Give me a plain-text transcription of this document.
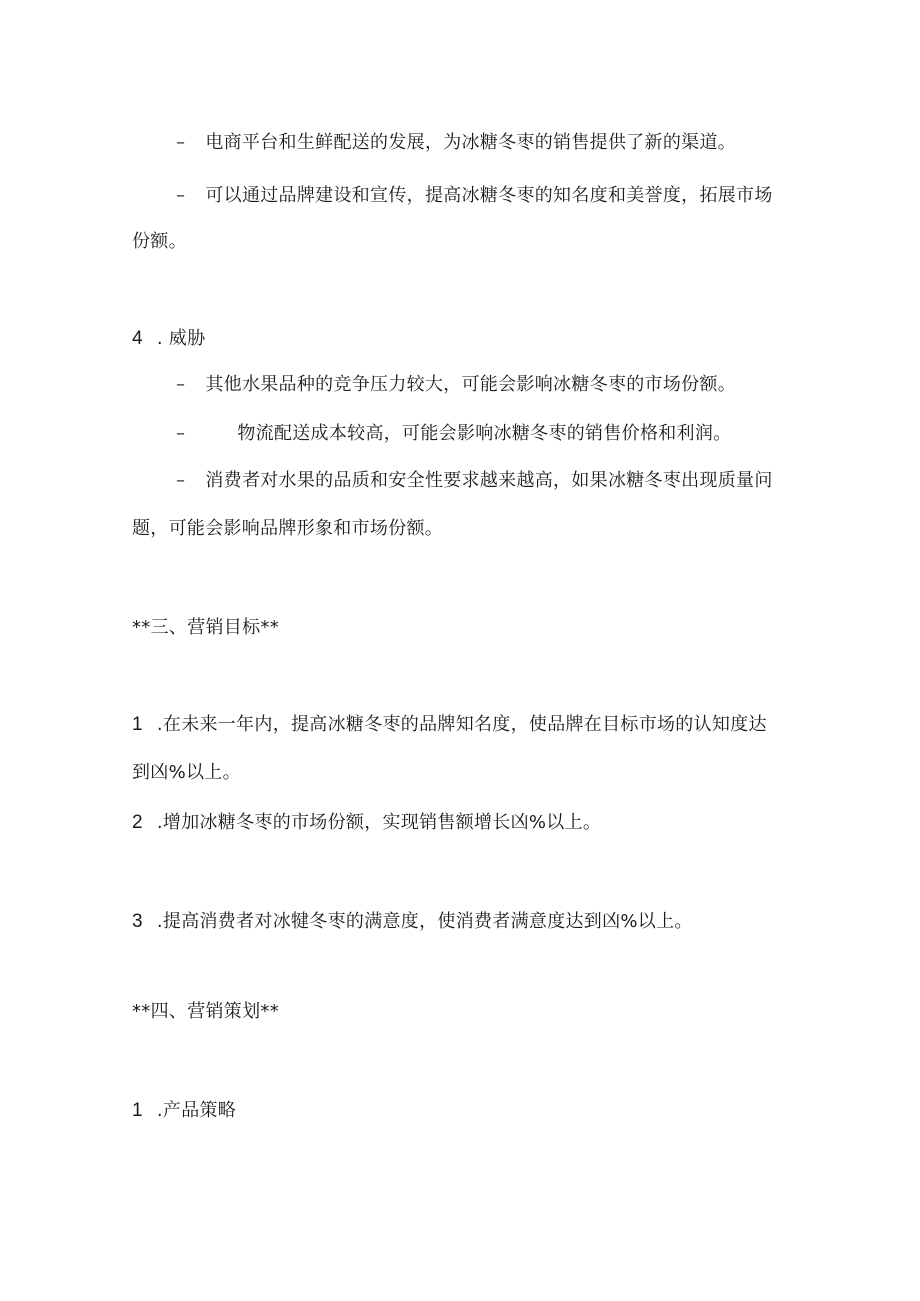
– 电商平台和生鲜配送的发展，为冰糖冬枣的销售提供了新的渠道。
– 可以通过品牌建设和宣传，提高冰糖冬枣的知名度和美誉度，拓展市场
份额。
4 . 威胁
– 其他水果品种的竞争压力较大，可能会影响冰糖冬枣的市场份额。
–	物流配送成本较高，可能会影响冰糖冬枣的销售价格和利润。
– 消费者对水果的品质和安全性要求越来越高，如果冰糖冬枣出现质量问
题，可能会影响品牌形象和市场份额。
**三、营销目标**
1 .在未来一年内，提高冰糖冬枣的品牌知名度，使品牌在目标市场的认知度达
到凶%以上。
2 .增加冰糖冬枣的市场份额，实现销售额增长凶%以上。
3 .提高消费者对冰犍冬枣的满意度，使消费者满意度达到凶%以上。
**四、营销策划**
1 .产品策略
